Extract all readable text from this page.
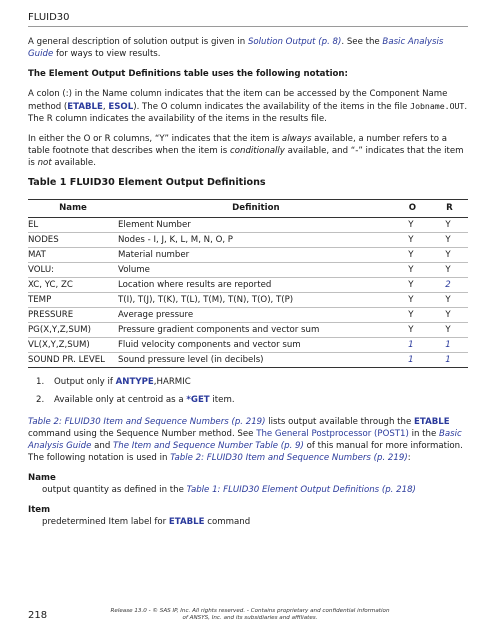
FLUID30

A general description of solution output is given in Solution Output (p. 8). See the Basic Analysis Guide for ways to view results.

The Element Output Definitions table uses the following notation:

A colon (:) in the Name column indicates that the item can be accessed by the Component Name method (ETABLE, ESOL). The O column indicates the availability of the items in the file Jobname.OUT. The R column indicates the availability of the items in the results file.

In either the O or R columns, “Y” indicates that the item is always available, a number refers to a table footnote that describes when the item is conditionally available, and “-” indicates that the item is not available.

Table 1 FLUID30 Element Output Definitions
Name	Definition	O	R
EL	Element Number	Y	Y
NODES	Nodes - I, J, K, L, M, N, O, P	Y	Y
MAT	Material number	Y	Y
VOLU:	Volume	Y	Y
XC, YC, ZC	Location where results are reported	Y	2
TEMP	T(I), T(J), T(K), T(L), T(M), T(N), T(O), T(P)	Y	Y
PRESSURE	Average pressure	Y	Y
PG(X,Y,Z,SUM)	Pressure gradient components and vector sum	Y	Y
VL(X,Y,Z,SUM)	Fluid velocity components and vector sum	1	1
SOUND PR. LEVEL	Sound pressure level (in decibels)	1	1
1. Output only if ANTYPE,HARMIC
2. Available only at centroid as a *GET item.

Table 2: FLUID30 Item and Sequence Numbers (p. 219) lists output available through the ETABLE command using the Sequence Number method. See The General Postprocessor (POST1) in the Basic Analysis Guide and The Item and Sequence Number Table (p. 9) of this manual for more information. The following notation is used in Table 2: FLUID30 Item and Sequence Numbers (p. 219):

Name
output quantity as defined in the Table 1: FLUID30 Element Output Definitions (p. 218)
Item
predetermined Item label for ETABLE command
218	Release 13.0 - © SAS IP, Inc. All rights reserved. - Contains proprietary and confidential information
of ANSYS, Inc. and its subsidiaries and affiliates.
